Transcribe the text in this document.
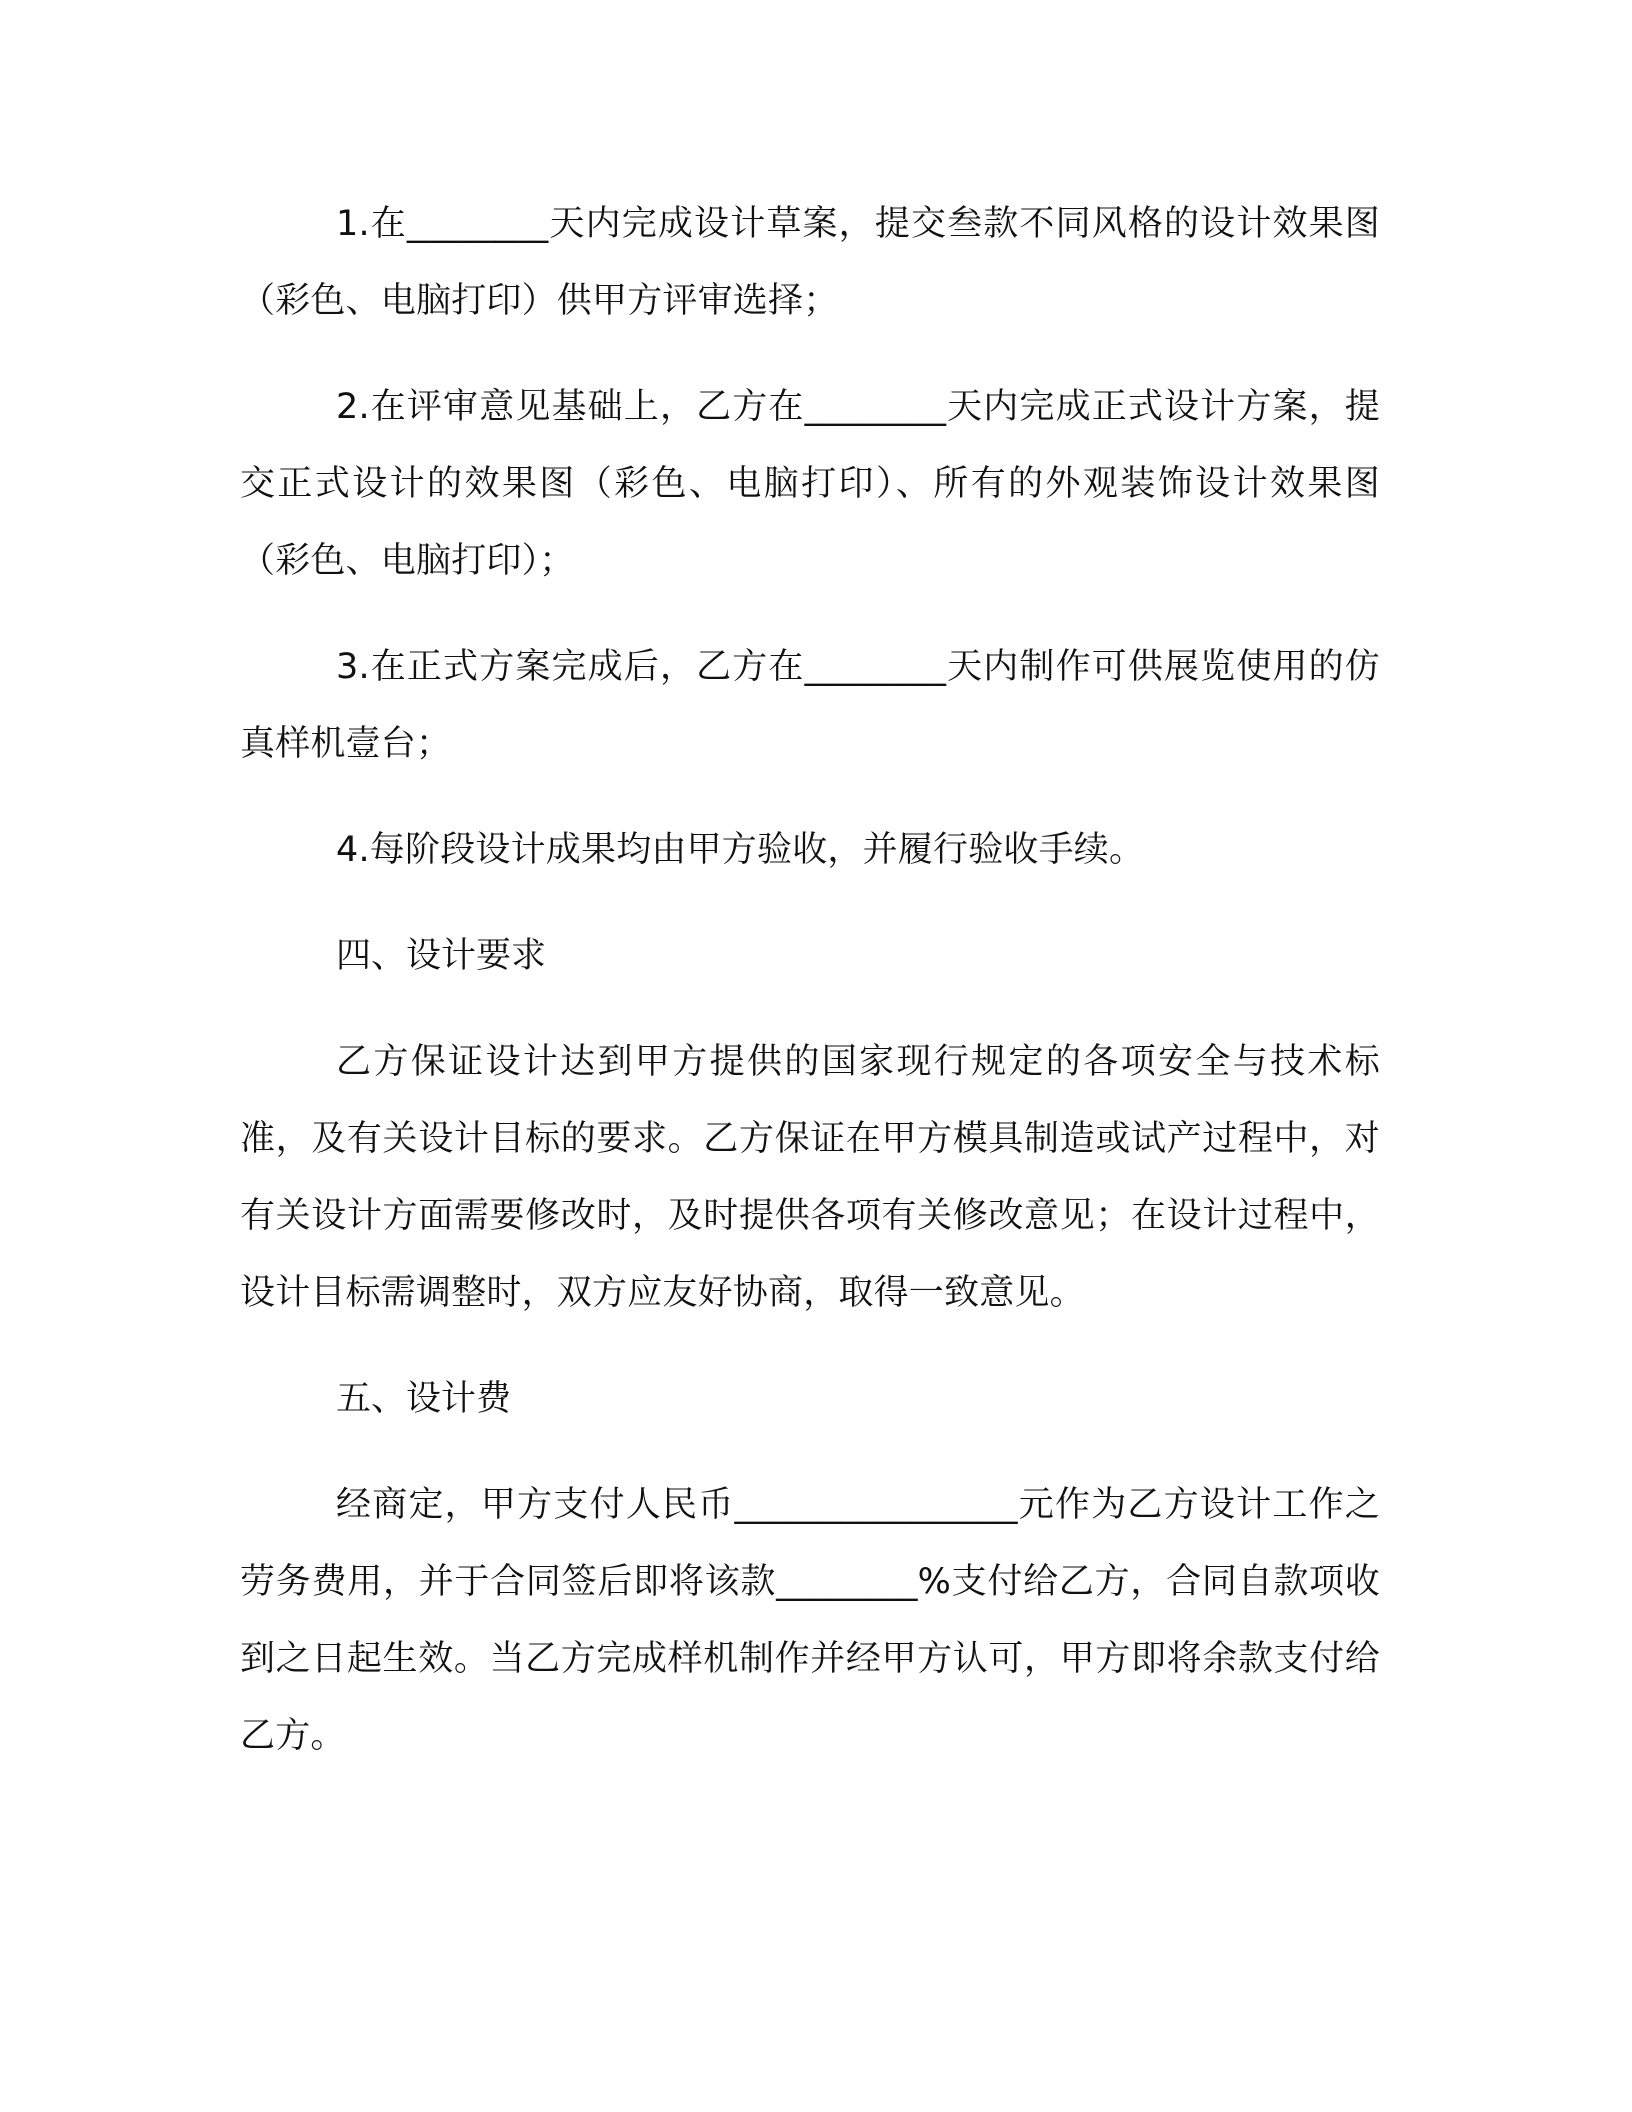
1.在________天内完成设计草案，提交叁款不同风格的设计效果图（彩色、电脑打印）供甲方评审选择；

2.在评审意见基础上，乙方在________天内完成正式设计方案，提交正式设计的效果图（彩色、电脑打印）、所有的外观装饰设计效果图（彩色、电脑打印）；

3.在正式方案完成后，乙方在________天内制作可供展览使用的仿真样机壹台；

4.每阶段设计成果均由甲方验收，并履行验收手续。

四、设计要求

乙方保证设计达到甲方提供的国家现行规定的各项安全与技术标准，及有关设计目标的要求。乙方保证在甲方模具制造或试产过程中，对有关设计方面需要修改时，及时提供各项有关修改意见；在设计过程中，设计目标需调整时，双方应友好协商，取得一致意见。

五、设计费

经商定，甲方支付人民币________________元作为乙方设计工作之劳务费用，并于合同签后即将该款________%支付给乙方，合同自款项收到之日起生效。当乙方完成样机制作并经甲方认可，甲方即将余款支付给乙方。
